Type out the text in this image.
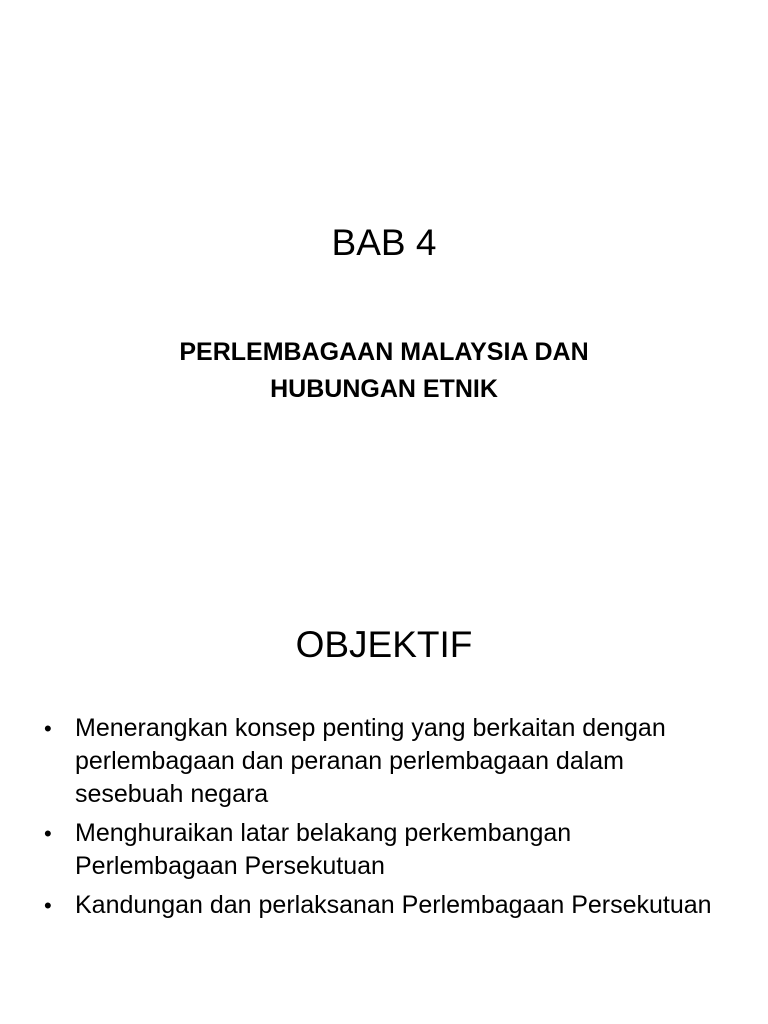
BAB 4
PERLEMBAGAAN MALAYSIA DAN
HUBUNGAN ETNIK
OBJEKTIF
• Menerangkan konsep penting yang berkaitan dengan perlembagaan dan peranan perlembagaan dalam sesebuah negara
• Menghuraikan latar belakang perkembangan Perlembagaan Persekutuan
• Kandungan dan perlaksanan Perlembagaan Persekutuan
